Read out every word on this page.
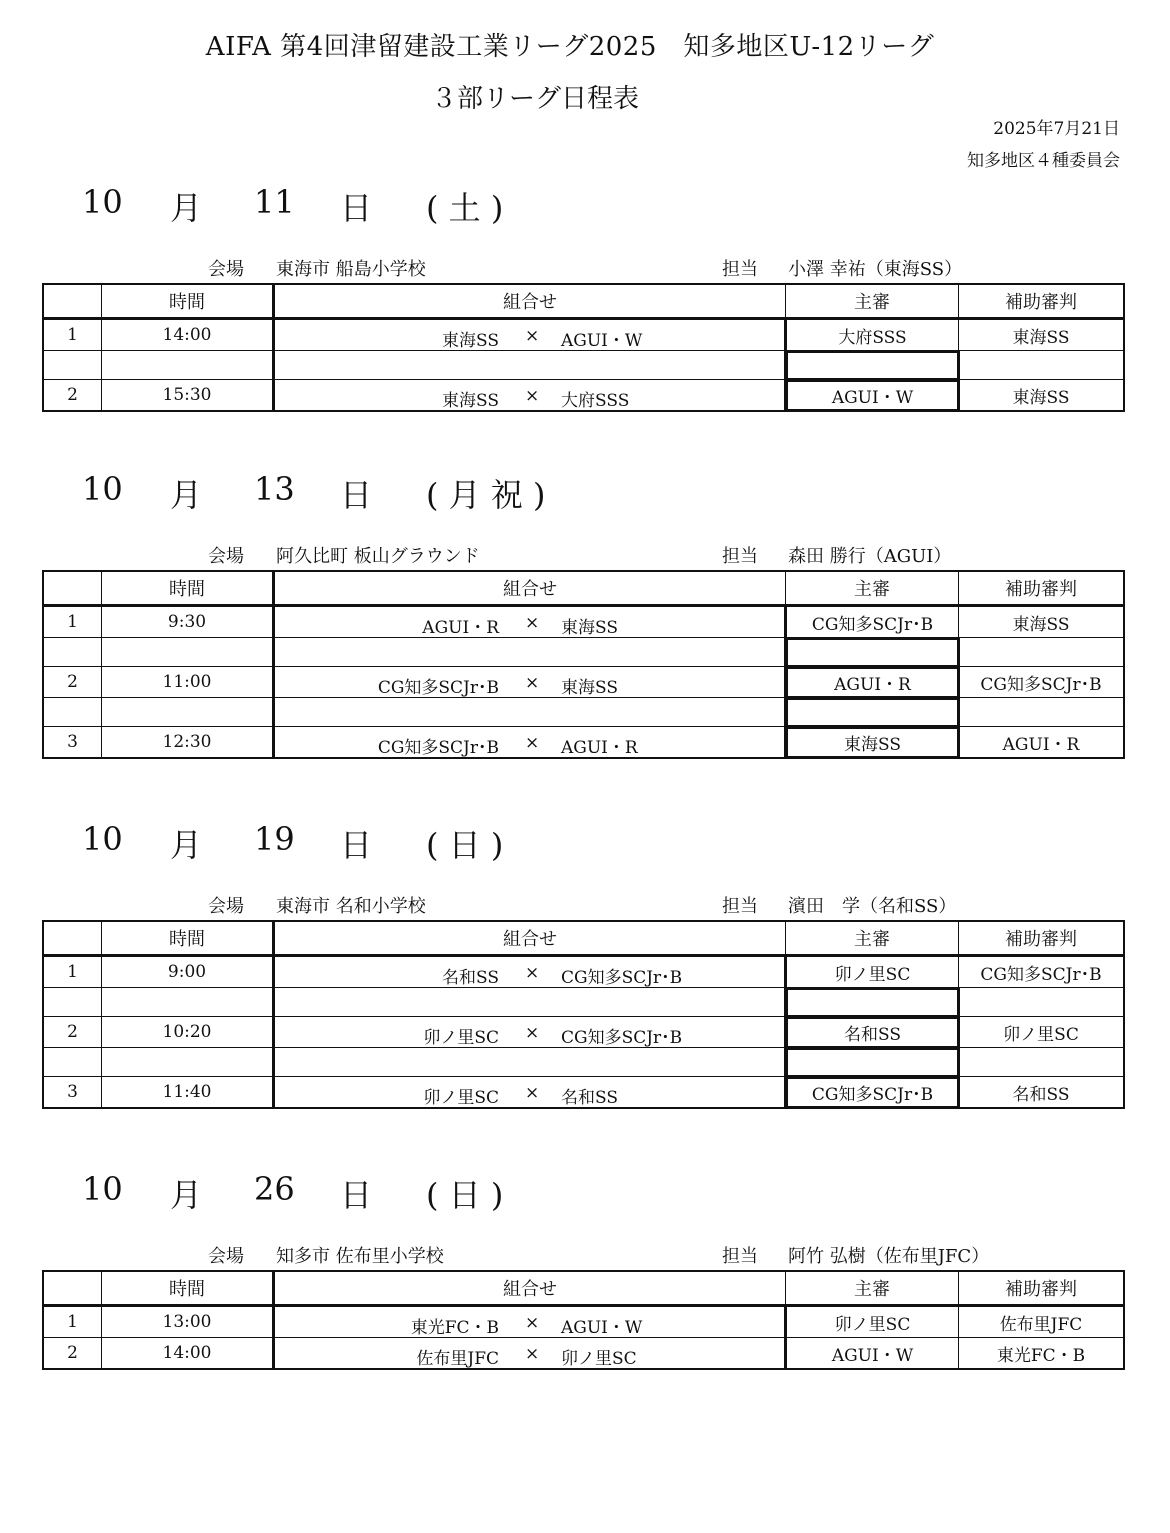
AIFA 第4回津留建設工業リーグ2025　知多地区U-12リーグ
３部リーグ日程表
2025年7月21日
知多地区４種委員会
10 月 11 日 ( 土 )
会場 東海市 船島小学校	担当 小澤 幸祐（東海SS）
	時間	組合せ	主審	補助審判
1	14:00	東海SS × AGUI・W	大府SSS	東海SS

2	15:30	東海SS × 大府SSS	AGUI・W	東海SS
10 月 13 日 ( 月 祝 )
会場 阿久比町 板山グラウンド	担当 森田 勝行（AGUI）
	時間	組合せ	主審	補助審判
1	9:30	AGUI・R × 東海SS	CG知多SCJr･B	東海SS

2	11:00	CG知多SCJr･B × 東海SS	AGUI・R	CG知多SCJr･B

3	12:30	CG知多SCJr･B × AGUI・R	東海SS	AGUI・R
10 月 19 日 ( 日 )
会場 東海市 名和小学校	担当 濱田　学（名和SS）
	時間	組合せ	主審	補助審判
1	9:00	名和SS × CG知多SCJr･B	卯ノ里SC	CG知多SCJr･B

2	10:20	卯ノ里SC × CG知多SCJr･B	名和SS	卯ノ里SC

3	11:40	卯ノ里SC × 名和SS	CG知多SCJr･B	名和SS
10 月 26 日 ( 日 )
会場 知多市 佐布里小学校	担当 阿竹 弘樹（佐布里JFC）
	時間	組合せ	主審	補助審判
1	13:00	東光FC・B × AGUI・W	卯ノ里SC	佐布里JFC
2	14:00	佐布里JFC × 卯ノ里SC	AGUI・W	東光FC・B
